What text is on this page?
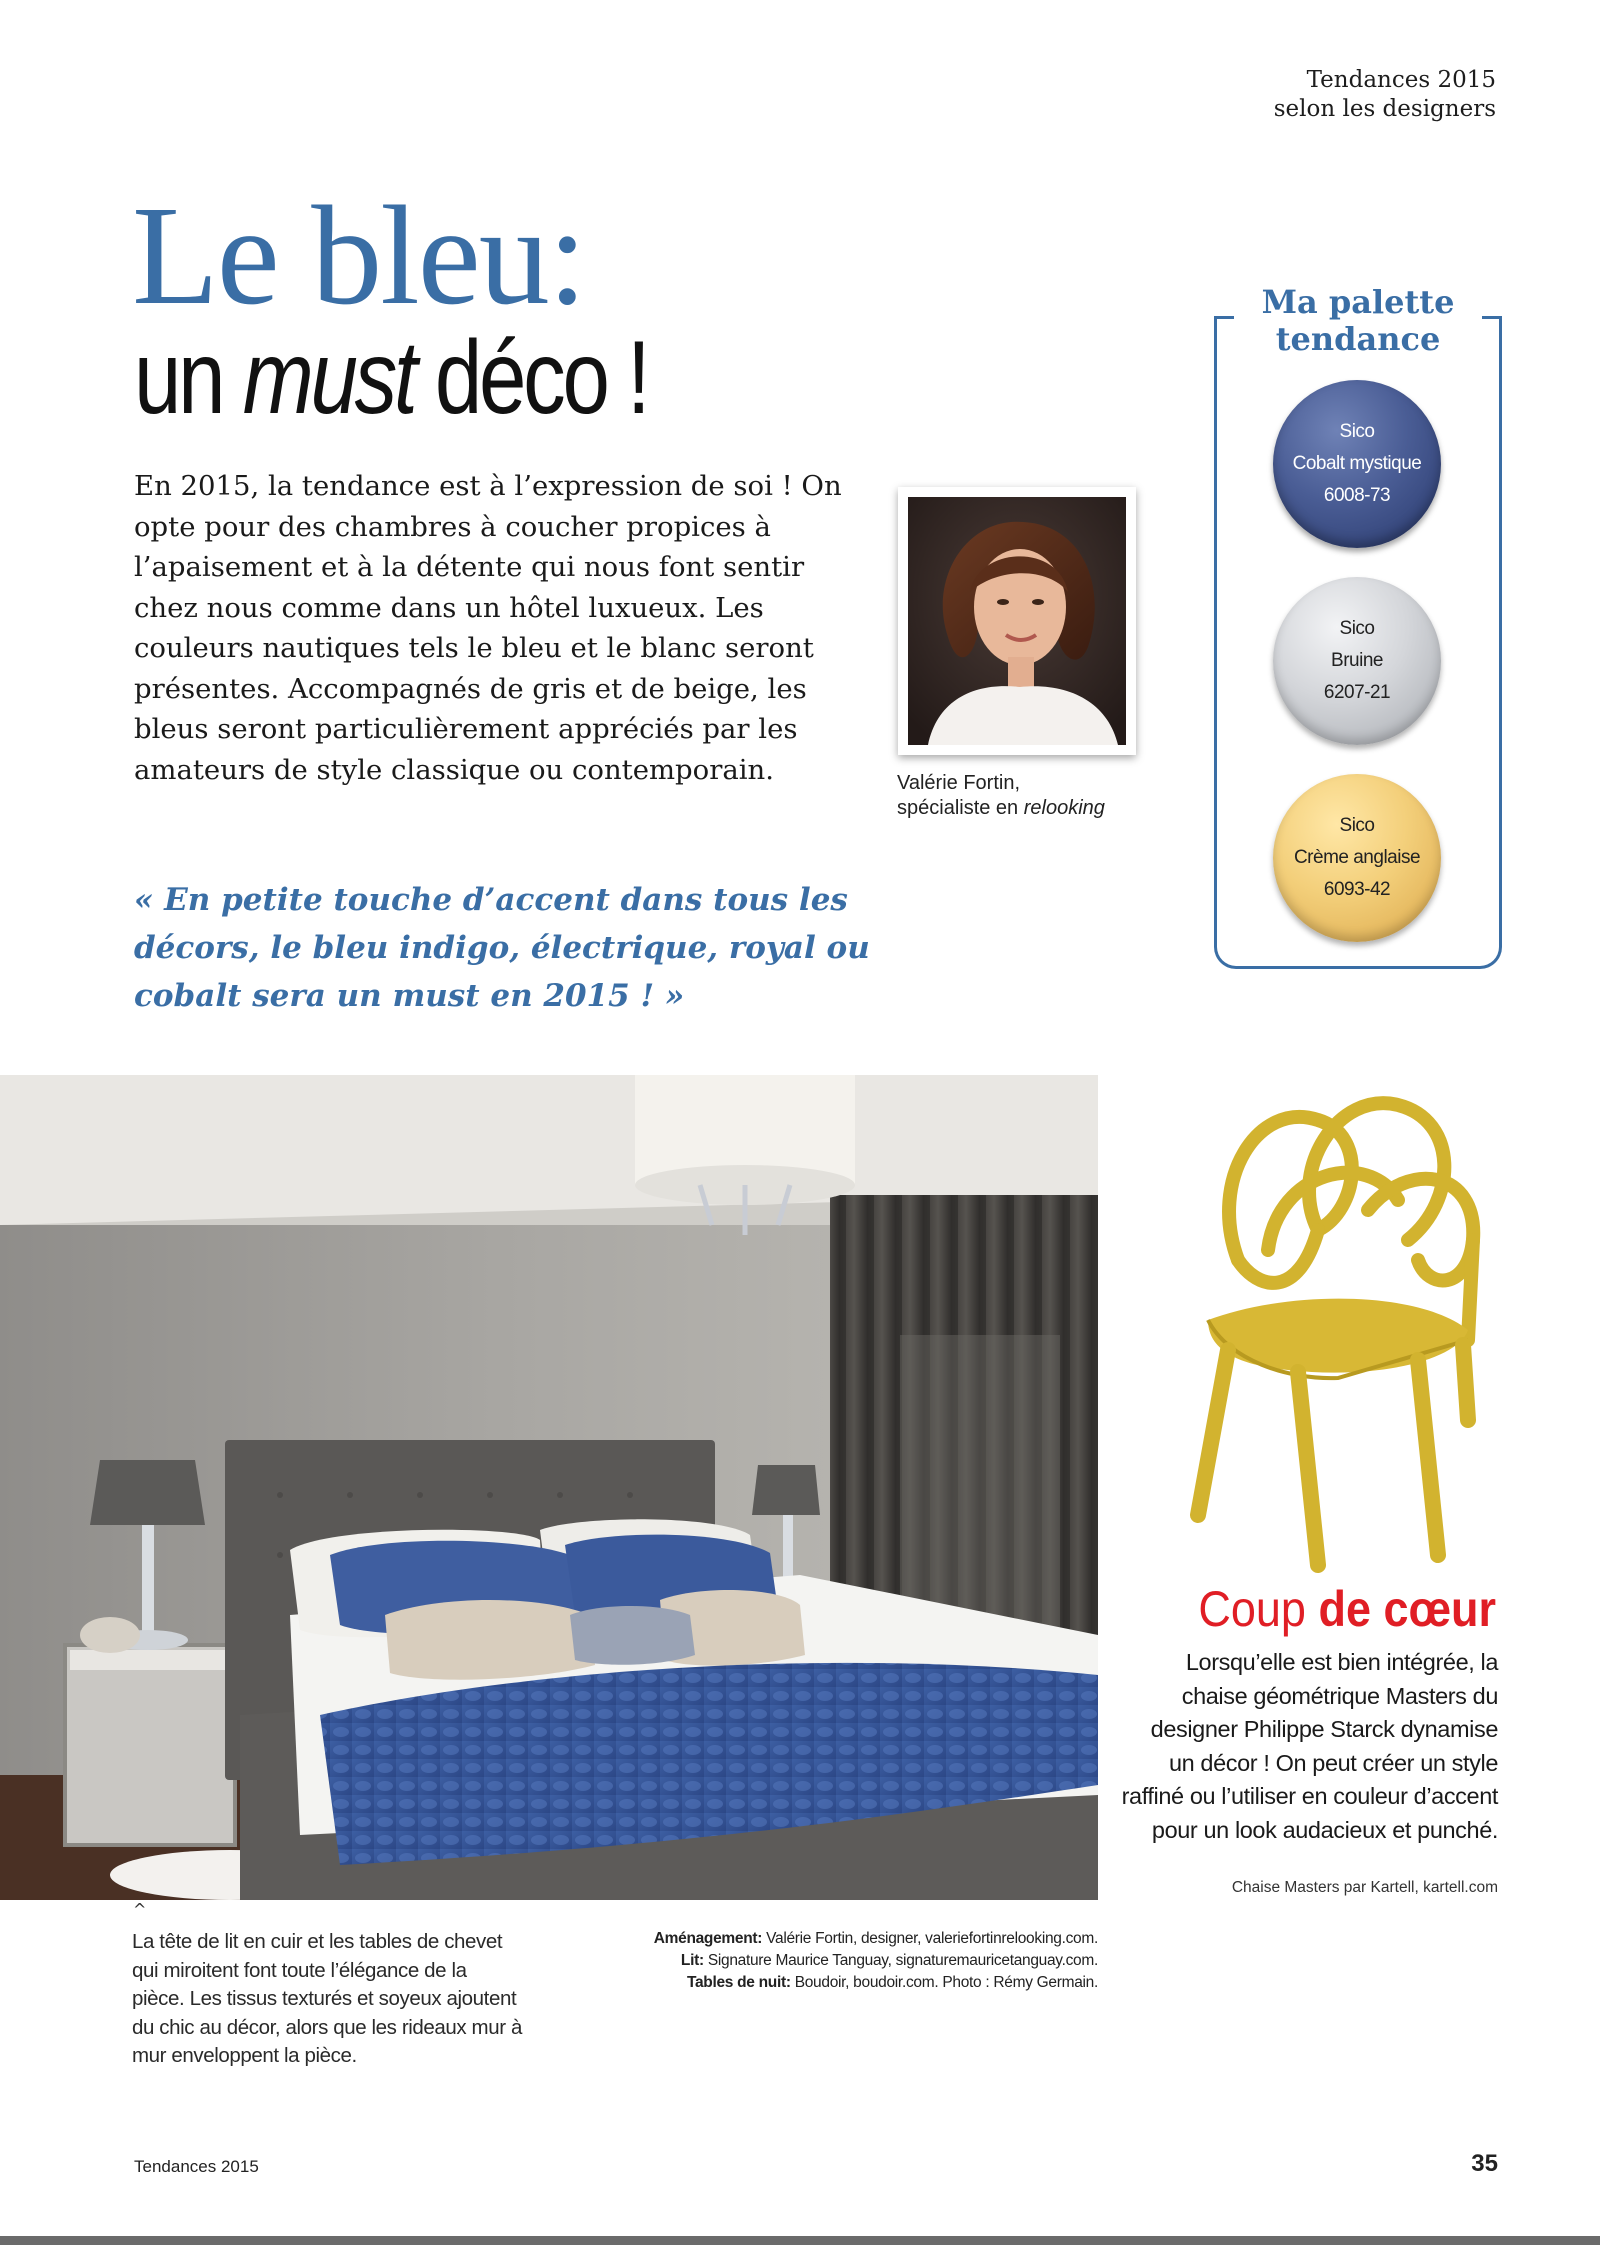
Tendances 2015
selon les designers
Le bleu:
un must déco !
En 2015, la tendance est à l’expression de soi ! On opte pour des chambres à coucher propices à l’apaisement et à la détente qui nous font sentir chez nous comme dans un hôtel luxueux. Les couleurs nautiques tels le bleu et le blanc seront présentes. Accompagnés de gris et de beige, les bleus seront particulièrement appréciés par les amateurs de style classique ou contemporain.	Valérie Fortin,
spécialiste en relooking
« En petite touche d’accent dans tous les décors, le bleu indigo, électrique, royal ou cobalt sera un must en 2015 ! »
Ma palette tendance
Sico
Cobalt mystique
6008-73
Sico
Bruine
6207-21
Sico
Crème anglaise
6093-42
Coup de cœur
Lorsqu’elle est bien intégrée, la chaise géométrique Masters du designer Philippe Starck dynamise un décor ! On peut créer un style raffiné ou l’utiliser en couleur d’accent pour un look audacieux et punché.
Chaise Masters par Kartell, kartell.com
^
La tête de lit en cuir et les tables de chevet qui miroitent font toute l’élégance de la pièce. Les tissus texturés et soyeux ajoutent du chic au décor, alors que les rideaux mur à mur enveloppent la pièce.
Aménagement: Valérie Fortin, designer, valeriefortinrelooking.com.
Lit: Signature Maurice Tanguay, signaturemauricetanguay.com.
Tables de nuit: Boudoir, boudoir.com. Photo : Rémy Germain.
Tendances 2015	35
